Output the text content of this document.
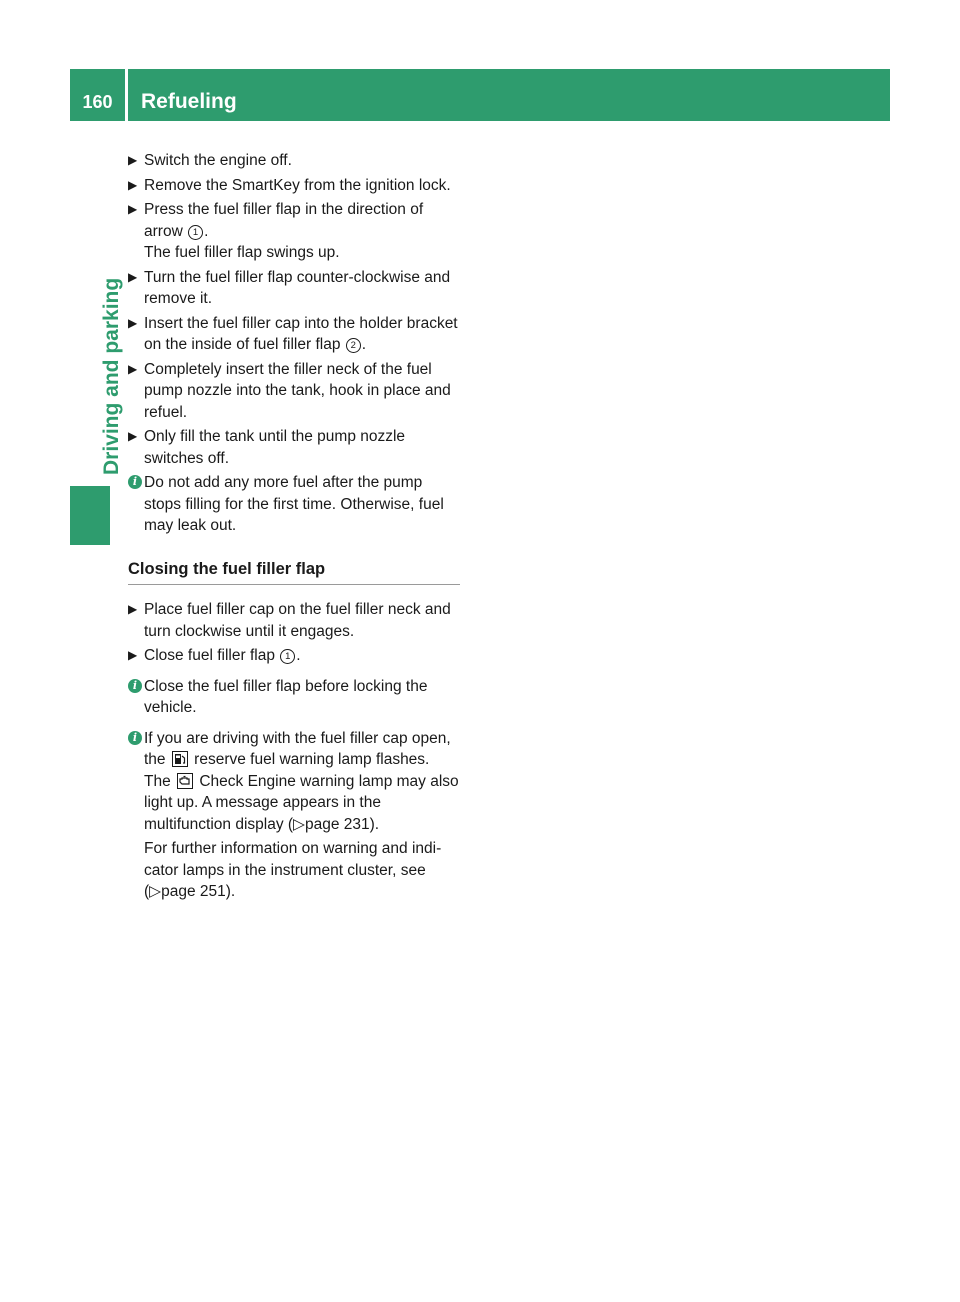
160	Refueling
Driving and parking

▶ Switch the engine off.

▶ Remove the SmartKey from the ignition lock.

▶ Press the fuel filler flap in the direction of arrow 1 .
The fuel filler flap swings up.

▶ Turn the fuel filler flap counter-clockwise and remove it.

▶ Insert the fuel filler cap into the holder bracket on the inside of fuel filler flap 2 .

▶ Completely insert the filler neck of the fuel pump nozzle into the tank, hook in place and refuel.

▶ Only fill the tank until the pump nozzle switches off.

i Do not add any more fuel after the pump stops filling for the first time. Otherwise, fuel may leak out.

Closing the fuel filler flap

▶ Place fuel filler cap on the fuel filler neck and turn clockwise until it engages.

▶ Close fuel filler flap 1 .

i Close the fuel filler flap before locking the vehicle.

i If you are driving with the fuel filler cap open, the
reserve fuel warning lamp flashes. The
Check Engine warning lamp may also light up. A message appears in the multifunction display (▷page 231).

For further information on warning and indi- cator lamps in the instrument cluster, see (▷page 251).
